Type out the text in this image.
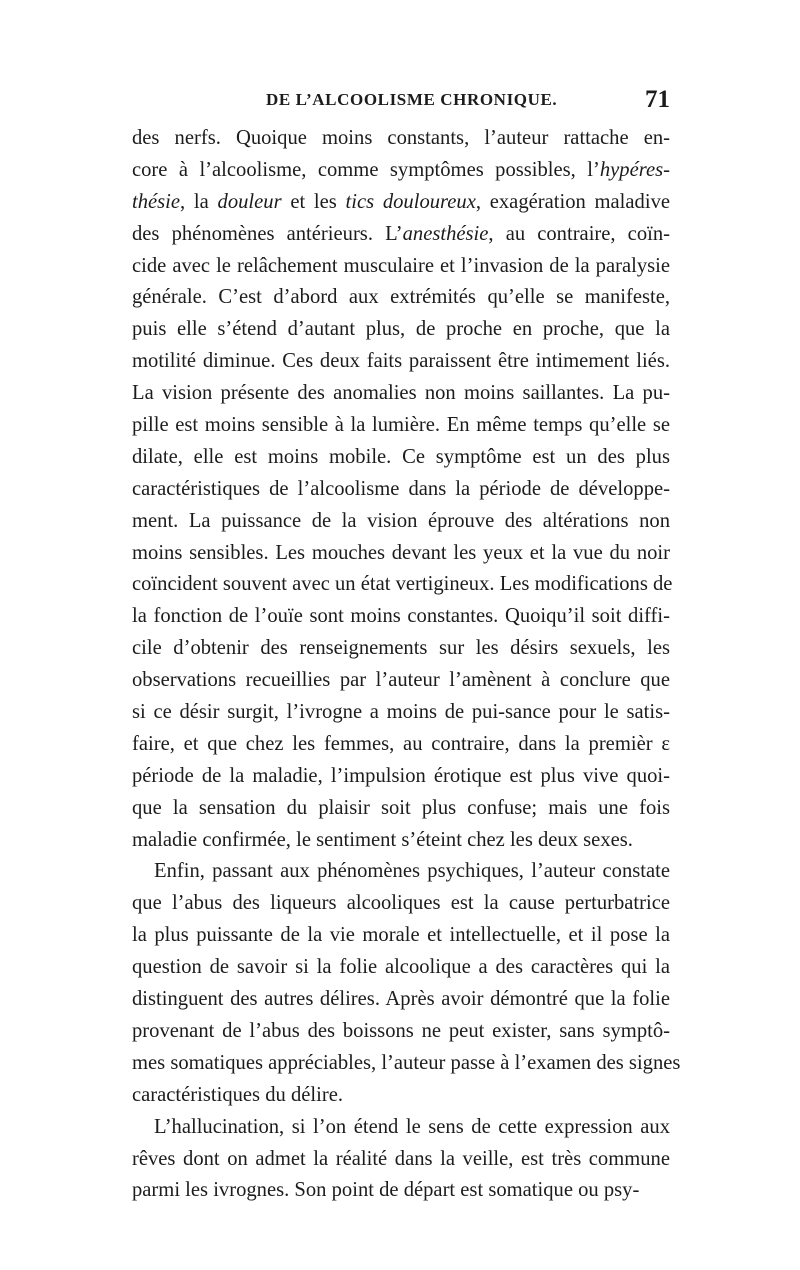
DE L’ALCOOLISME CHRONIQUE.	71
des nerfs. Quoique moins constants, l’auteur rattache en-
core à l’alcoolisme, comme symptômes possibles, l’hypéres-
thésie, la douleur et les tics douloureux, exagération maladive
des phénomènes antérieurs. L’anesthésie, au contraire, coïn-
cide avec le relâchement musculaire et l’invasion de la paralysie
générale. C’est d’abord aux extrémités qu’elle se manifeste,
puis elle s’étend d’autant plus, de proche en proche, que la
motilité diminue. Ces deux faits paraissent être intimement liés.
La vision présente des anomalies non moins saillantes. La pu-
pille est moins sensible à la lumière. En même temps qu’elle se
dilate, elle est moins mobile. Ce symptôme est un des plus
caractéristiques de l’alcoolisme dans la période de développe-
ment. La puissance de la vision éprouve des altérations non
moins sensibles. Les mouches devant les yeux et la vue du noir
coïncident souvent avec un état vertigineux. Les modifications de
la fonction de l’ouïe sont moins constantes. Quoiqu’il soit diffi-
cile d’obtenir des renseignements sur les désirs sexuels, les
observations recueillies par l’auteur l’amènent à conclure que
si ce désir surgit, l’ivrogne a moins de pui-sance pour le satis-
faire, et que chez les femmes, au contraire, dans la premièr ε
période de la maladie, l’impulsion érotique est plus vive quoi-
que la sensation du plaisir soit plus confuse; mais une fois
maladie confirmée, le sentiment s’éteint chez les deux sexes.
Enfin, passant aux phénomènes psychiques, l’auteur constate
que l’abus des liqueurs alcooliques est la cause perturbatrice
la plus puissante de la vie morale et intellectuelle, et il pose la
question de savoir si la folie alcoolique a des caractères qui la
distinguent des autres délires. Après avoir démontré que la folie
provenant de l’abus des boissons ne peut exister, sans symptô-
mes somatiques appréciables, l’auteur passe à l’examen des signes
caractéristiques du délire.
L’hallucination, si l’on étend le sens de cette expression aux
rêves dont on admet la réalité dans la veille, est très commune
parmi les ivrognes. Son point de départ est somatique ou psy-
